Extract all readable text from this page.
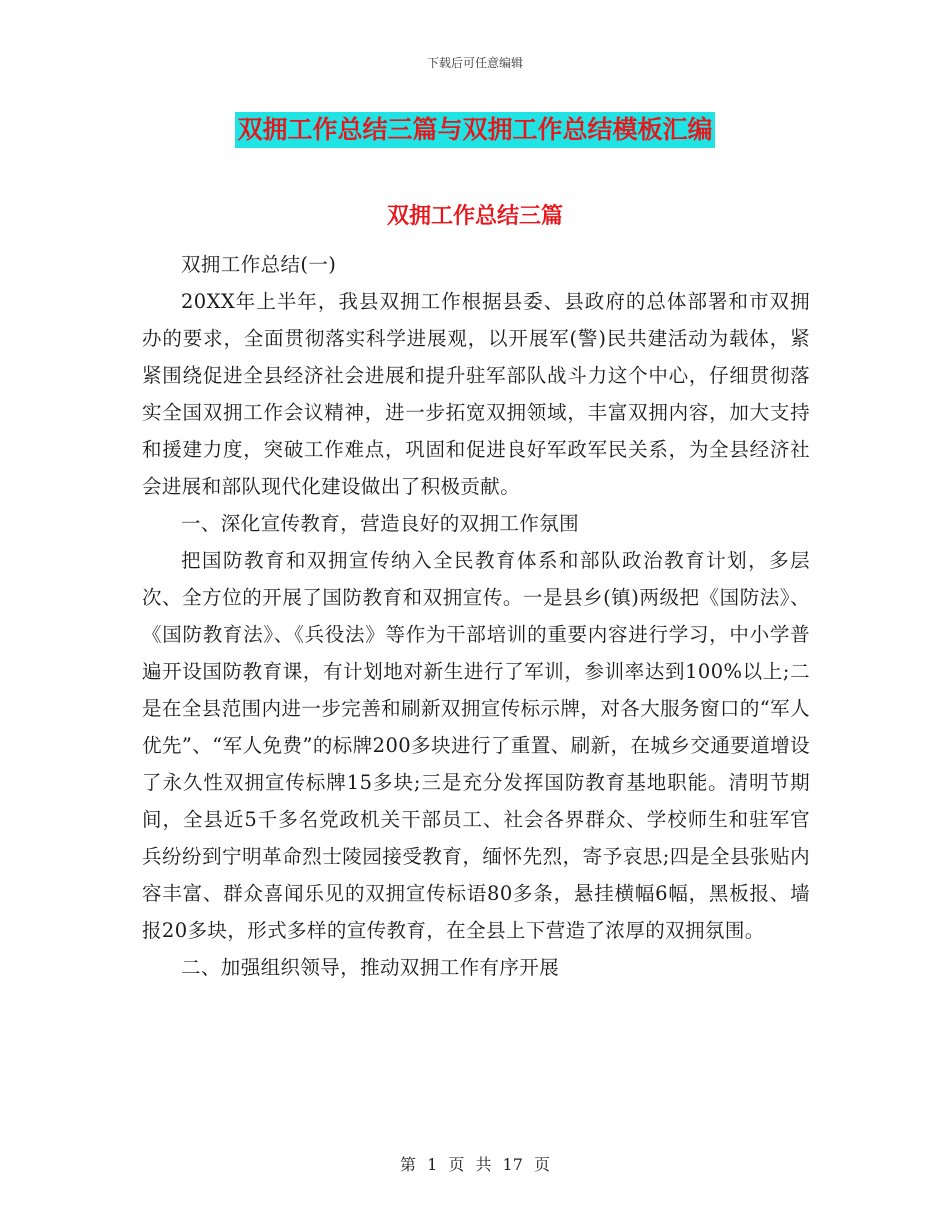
下载后可任意编辑
双拥工作总结三篇与双拥工作总结模板汇编
双拥工作总结三篇

双拥工作总结(一)

20XX年上半年，我县双拥工作根据县委、县政府的总体部署和市双拥办的要求，全面贯彻落实科学进展观，以开展军(警)民共建活动为载体，紧紧围绕促进全县经济社会进展和提升驻军部队战斗力这个中心，仔细贯彻落实全国双拥工作会议精神，进一步拓宽双拥领域，丰富双拥内容，加大支持和援建力度，突破工作难点，巩固和促进良好军政军民关系，为全县经济社会进展和部队现代化建设做出了积极贡献。

一、深化宣传教育，营造良好的双拥工作氛围

把国防教育和双拥宣传纳入全民教育体系和部队政治教育计划，多层次、全方位的开展了国防教育和双拥宣传。一是县乡(镇)两级把《国防法》、《国防教育法》、《兵役法》等作为干部培训的重要内容进行学习，中小学普遍开设国防教育课，有计划地对新生进行了军训，参训率达到100%以上;二是在全县范围内进一步完善和刷新双拥宣传标示牌，对各大服务窗口的“军人优先”、“军人免费”的标牌200多块进行了重置、刷新，在城乡交通要道增设了永久性双拥宣传标牌15多块;三是充分发挥国防教育基地职能。清明节期间，全县近5千多名党政机关干部员工、社会各界群众、学校师生和驻军官兵纷纷到宁明革命烈士陵园接受教育，缅怀先烈，寄予哀思;四是全县张贴内容丰富、群众喜闻乐见的双拥宣传标语80多条，悬挂横幅6幅，黑板报、墙报20多块，形式多样的宣传教育，在全县上下营造了浓厚的双拥氛围。

二、加强组织领导，推动双拥工作有序开展

第 1 页 共 17 页
